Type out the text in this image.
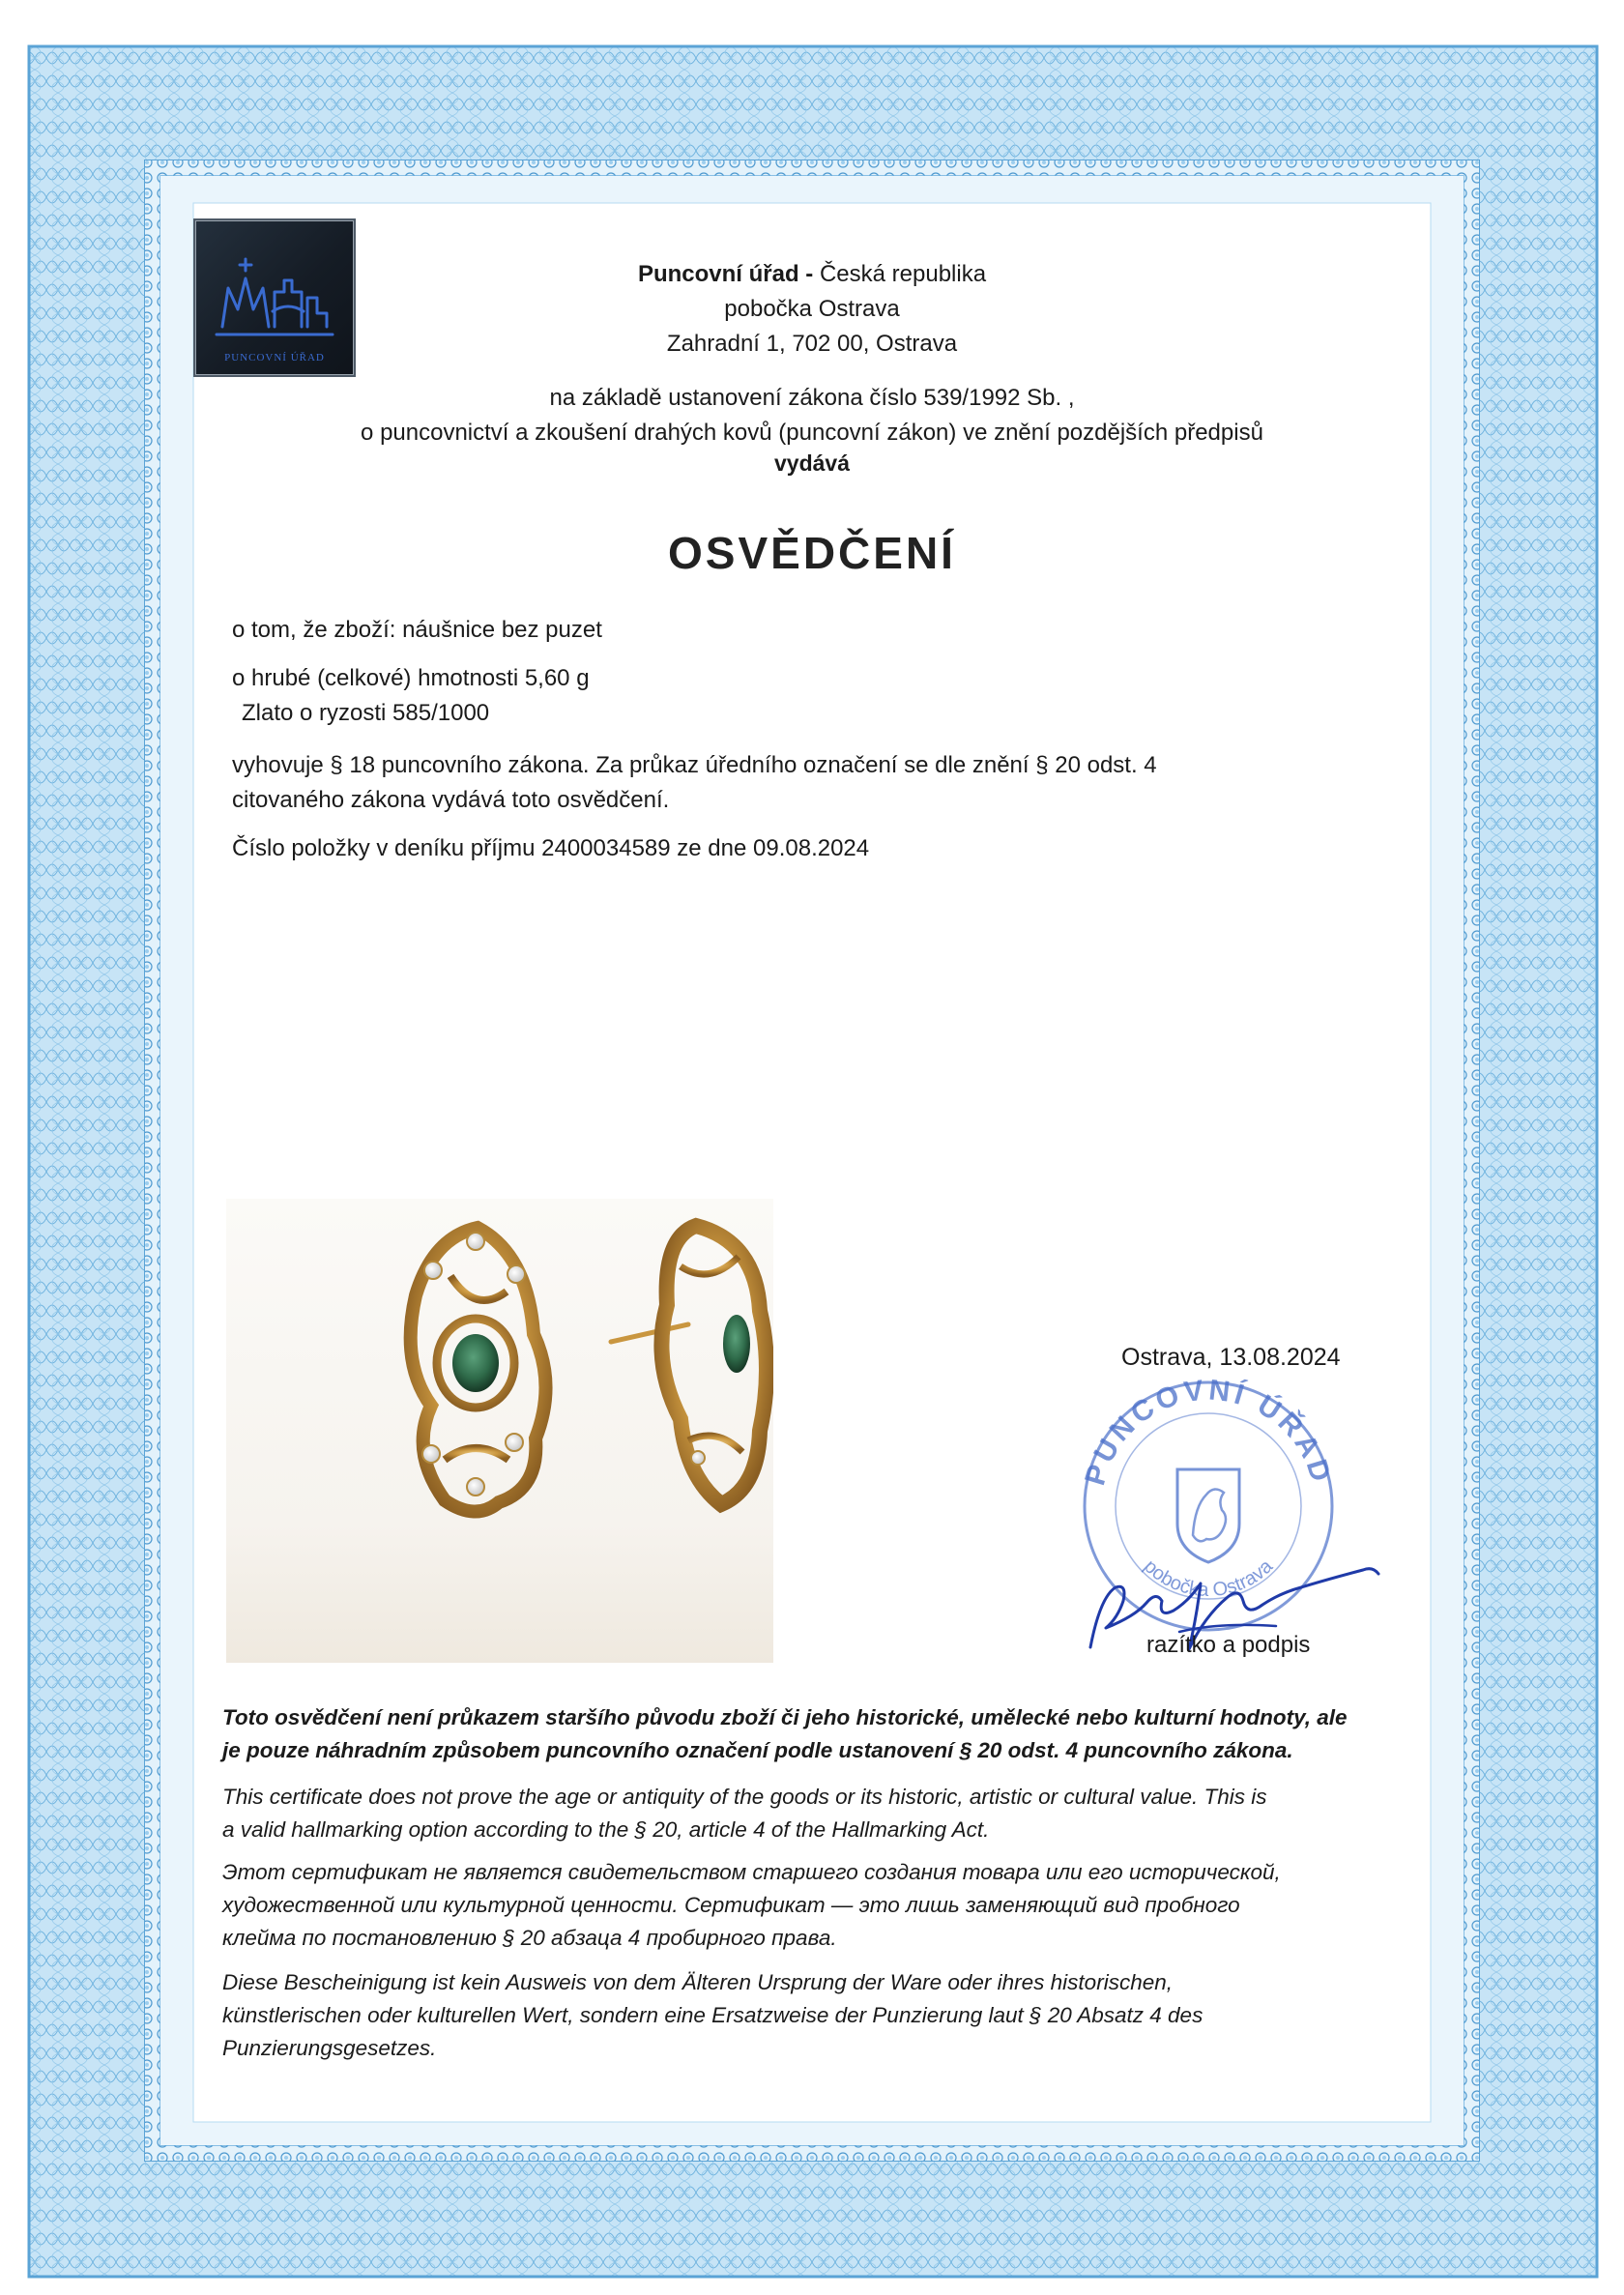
PUNCOVNÍ ÚŘAD
Puncovní úřad - Česká republika
pobočka Ostrava
Zahradní 1, 702 00, Ostrava
na základě ustanovení zákona číslo 539/1992 Sb. ,
o puncovnictví a zkoušení drahých kovů (puncovní zákon) ve znění pozdějších předpisů
vydává
OSVĚDČENÍ
o tom, že zboží: náušnice bez puzet
o hrubé (celkové) hmotnosti 5,60 g
Zlato o ryzosti 585/1000
vyhovuje § 18 puncovního zákona. Za průkaz úředního označení se dle znění § 20 odst. 4
citovaného zákona vydává toto osvědčení.
Číslo položky v deníku příjmu 2400034589 ze dne 09.08.2024
Ostrava, 13.08.2024
PUNCOVNÍ ÚŘAD
pobočka Ostrava
razítko a podpis
Toto osvědčení není průkazem staršího původu zboží či jeho historické, umělecké nebo kulturní hodnoty, ale
je pouze náhradním způsobem puncovního označení podle ustanovení § 20 odst. 4 puncovního zákona.
This certificate does not prove the age or antiquity of the goods or its historic, artistic or cultural value. This is
a valid hallmarking option according to the § 20, article 4 of the Hallmarking Act.
Этот сертификат не является свидетельством старшего создания товара или его исторической,
художественной или культурной ценности. Сертификат — это лишь заменяющий вид пробного
клейма по постановлению § 20 абзаца 4 пробирного права.
Diese Bescheinigung ist kein Ausweis von dem Älteren Ursprung der Ware oder ihres historischen,
künstlerischen oder kulturellen Wert, sondern eine Ersatzweise der Punzierung laut § 20 Absatz 4 des
Punzierungsgesetzes.
